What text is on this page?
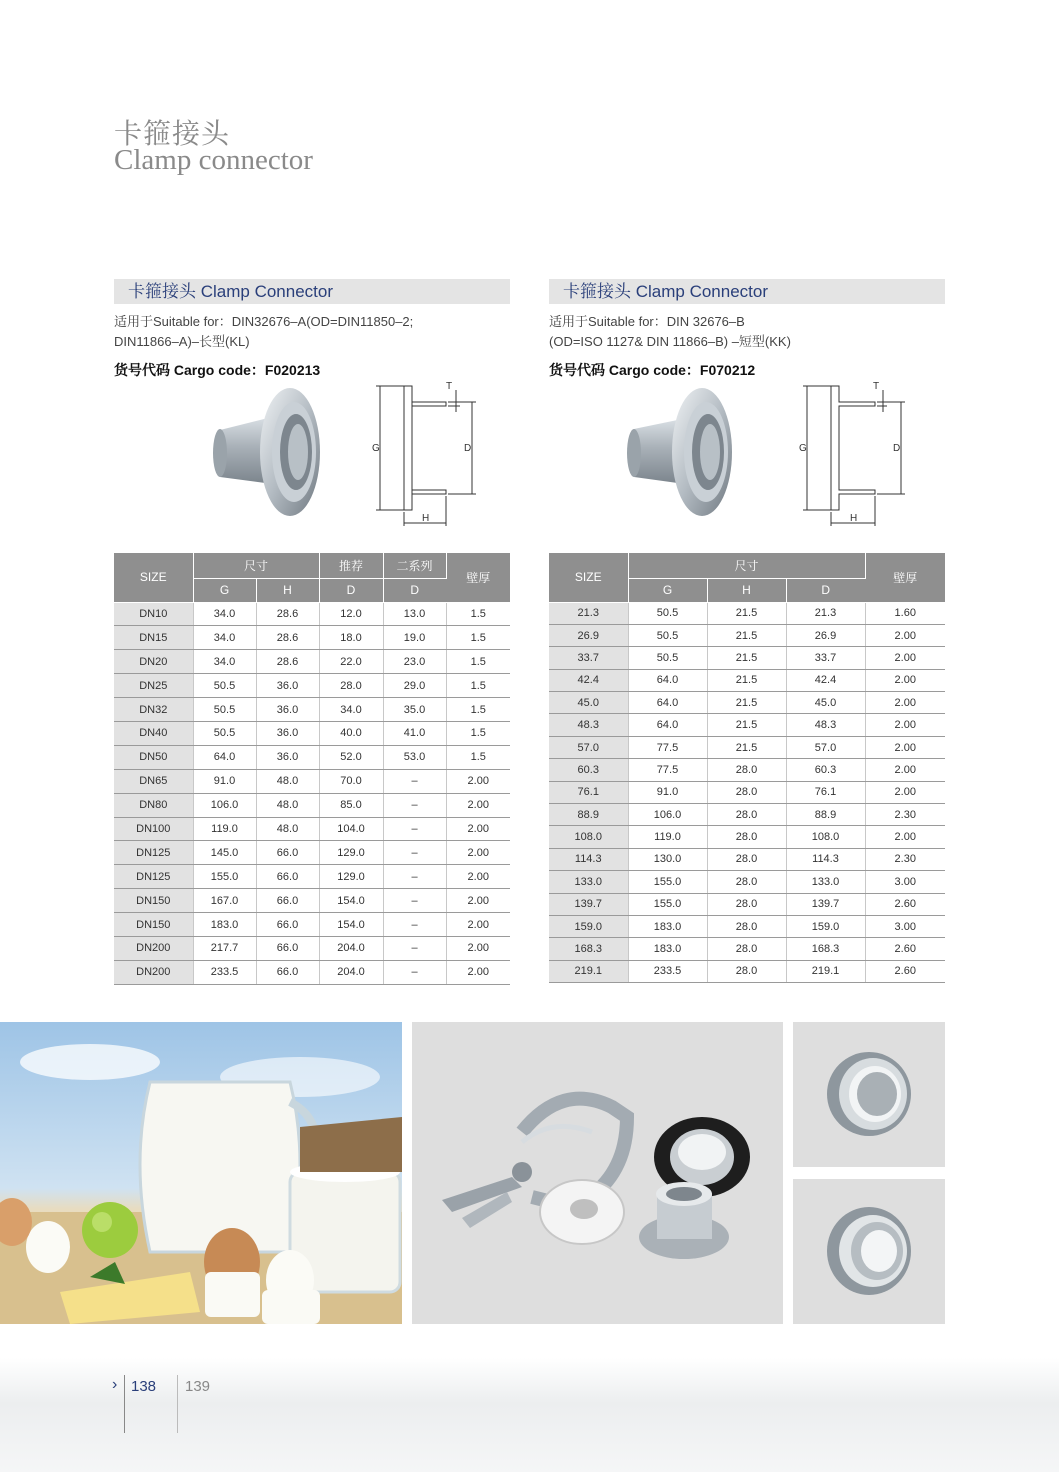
卡箍接头
Clamp connector
卡箍接头 Clamp Connector
适用于Suitable for：DIN32676–A(OD=DIN11850–2;
DIN11866–A)–长型(KL)
货号代码 Cargo code：F020213
G	D
T
H
SIZE	尺寸		推荐	二系列	壁厚
	G	H	D	D	
DN10	34.0	28.6	12.0	13.0	1.5
DN15	34.0	28.6	18.0	19.0	1.5
DN20	34.0	28.6	22.0	23.0	1.5
DN25	50.5	36.0	28.0	29.0	1.5
DN32	50.5	36.0	34.0	35.0	1.5
DN40	50.5	36.0	40.0	41.0	1.5
DN50	64.0	36.0	52.0	53.0	1.5
DN65	91.0	48.0	70.0	–	2.00
DN80	106.0	48.0	85.0	–	2.00
DN100	119.0	48.0	104.0	–	2.00
DN125	145.0	66.0	129.0	–	2.00
DN125	155.0	66.0	129.0	–	2.00
DN150	167.0	66.0	154.0	–	2.00
DN150	183.0	66.0	154.0	–	2.00
DN200	217.7	66.0	204.0	–	2.00
DN200	233.5	66.0	204.0	–	2.00
卡箍接头 Clamp Connector
适用于Suitable for：DIN 32676–B
(OD=ISO 1127& DIN 11866–B) –短型(KK)
货号代码 Cargo code：F070212
G	D
T
H
SIZE	尺寸			壁厚
	G	H	D	
21.3	50.5	21.5	21.3	1.60
26.9	50.5	21.5	26.9	2.00
33.7	50.5	21.5	33.7	2.00
42.4	64.0	21.5	42.4	2.00
45.0	64.0	21.5	45.0	2.00
48.3	64.0	21.5	48.3	2.00
57.0	77.5	21.5	57.0	2.00
60.3	77.5	28.0	60.3	2.00
76.1	91.0	28.0	76.1	2.00
88.9	106.0	28.0	88.9	2.30
108.0	119.0	28.0	108.0	2.00
114.3	130.0	28.0	114.3	2.30
133.0	155.0	28.0	133.0	3.00
139.7	155.0	28.0	139.7	2.60
159.0	183.0	28.0	159.0	3.00
168.3	183.0	28.0	168.3	2.60
219.1	233.5	28.0	219.1	2.60
› 138 139
